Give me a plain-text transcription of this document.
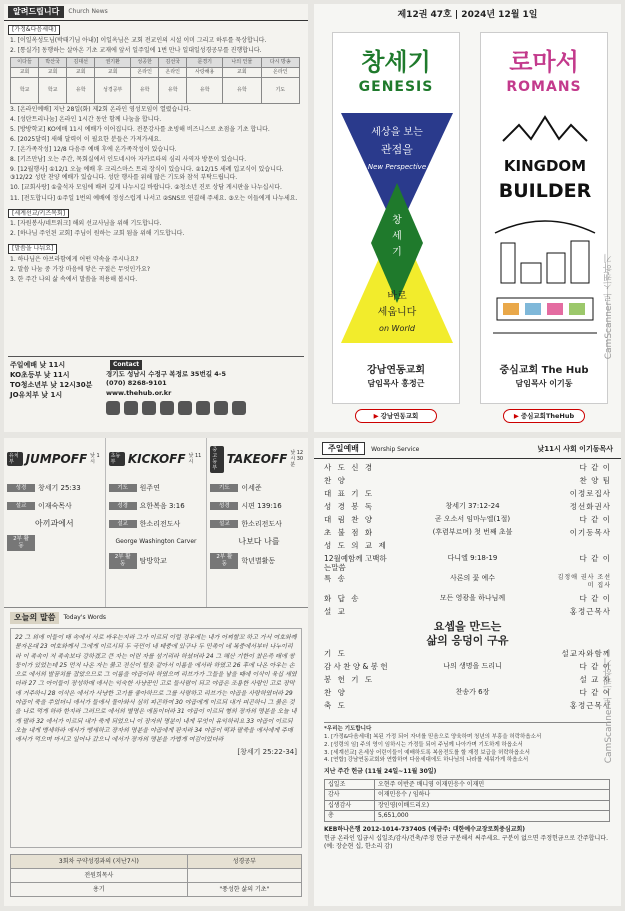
알려드립니다	Church News
[가정&다음세대]
1. [이일옥성도님(박태기님 아내)] 이일옥님은 교회 전교인의 시설 이미 그리고 하루를 묵상합니다.
2. [통실가] 동행하는 살아온 기초 교재에 앞서 일주일에 1번 만나 일대일성경공부를 진행합니다.
이다들	박산국	김대선	권기환	성공한	김선국	문경기	나의 인물	다시 방송
교회	교회	교회	교회	온라인	온라인	사랑해용	교회	온라인
학교	학교	유학	성경공부	유학	유학	유학	유학	기도
3. [온라인예배] 지난 28일(화) 제2회 온라인 영성모임이 열렸습니다.
4. [성탄트리나눔] 온라인 1시간 동안 함께 나눔을 합니다.
5. [방방학교] KO에배 11시 예배가 이어집니다. 전문강사를 초빙해 비즈니스로 초점을 기초 합니다.
6. [2025달력] 새해 달력이 이 필요한 분들은 가져가세요.
7. [온가족작성] 12/8 다음주 예배 후에 온가족작성이 있습니다.
8. [키즈만남] 오는 주간, 목회실에서 인도네시아 자카르타의 심리 사역자 방문이 있습니다.
9. [12월행사] ①12/1 오늘 예배 후 크리스마스 트리 장식이 있습니다. ②12/15 세례 입교식이 있습니다. ③12/22 성탄 찬양 예배가 있습니다. 성탄 행사를 위해 많은 기도와 참석 부탁드립니다.
10. [교회사랑] ①출석자 모임에 배려 깊게 나누시길 바랍니다. ②청소년 진로 상담 게시판을 나누십시다.
11. [전도합니다] ①주일 1번의 예배에 정성스럽게 나서고 ②SNS로 연결해 주세요. ③오는 이들에게 나누세요.
[세계선교/키즈목회]
1. [자원봉사/네트워크] 해외 선교사님을 위해 기도합니다.
2. [하나님 주인된 교회] 주님이 원하는 교회 됨을 위해 기도합니다.
[말씀을 나눠요]
1. 하나님은 아브라함에게 어떤 약속을 주시나요?
2. 말씀 나눔 중 가장 마음에 닿은 구절은 무엇인가요?
3. 한 주간 나의 삶 속에서 말씀을 적용해 봅시다.
주일예배 낮 11시
KO초등부 낮 11시
TO청소년부 낮 12시30분
JO유치부 낮 1시
Contact
경기도 성남시 수정구 복정로 35번길 4-5
(070) 8268-9101
www.thehub.or.kr
제12권 47호 | 2024년 12월 1일
창세기
GENESIS
세상을 보는
관점을
New Perspective
창
세
기
바로
세웁니다
on World
강남연동교회
담임목사 홍정근
▶ 강남연동교회
로마서
ROMANS
KINGDOM
BUILDER
중심교회 The Hub
담임목사 이기동
▶ 중심교회TheHub
CamScanner로 스캔하기
유치부 JUMPOFF 낮 1시
성경	창세기 25:33
설교	이재숙목사
아끼과에서
2부 활동
초등부	KICKOFF 낮 11시
기도	원주연
성경	요한복음 3:16
설교	한소리전도사
George Washington Carver
2부 활동	탐방학교
중고등부
TAKEOFF 낮 12시 30분
기도	이세준
성경	시편 139:16
설교	한소리전도사
나보다 나를
2부 활동	학년별활동
오늘의 말씀	Today's Words
22 그 외에 이들이 태 속에서 서로 싸우는지라 그가 이르되 이럴 경우에는 내가 어찌할꼬 하고 가서 여호와께 묻자온대 23 여호와께서 그에게 이르시되 두 국민이 네 태중에 있구나 두 민족이 네 복중에서부터 나누이리라 이 족속이 저 족속보다 강하겠고 큰 자는 어린 자를 섬기리라 하셨더라 24 그 해산 기한이 찼은즉 태에 쌍둥이가 있었는데 25 먼저 나온 자는 붉고 전신이 털옷 같아서 이름을 에서라 하였고 26 후에 나온 아우는 손으로 에서의 발꿈치를 잡았으므로 그 이름을 야곱이라 하였으며 리브가가 그들을 낳을 때에 이삭이 육십 세였더라 27 그 아이들이 장성하매 에서는 익숙한 사냥꾼인 고로 들사람이 되고 야곱은 조용한 사람인 고로 장막에 거주하니 28 이삭은 에서가 사냥한 고기를 좋아하므로 그를 사랑하고 리브가는 야곱을 사랑하였더라 29 야곱이 죽을 쑤었더니 에서가 들에서 돌아와서 심히 피곤하여 30 야곱에게 이르되 내가 피곤하니 그 붉은 것을 나로 먹게 하라 한지라 그러므로 에서의 별명은 에돔이더라 31 야곱이 이르되 형의 장자의 명분을 오늘 내게 팔라 32 에서가 이르되 내가 죽게 되었으니 이 장자의 명분이 내게 무엇이 유익하리요 33 야곱이 이르되 오늘 내게 맹세하라 에서가 맹세하고 장자의 명분을 야곱에게 판지라 34 야곱이 떡과 팥죽을 에서에게 주매 에서가 먹으며 마시고 일어나 갔으니 에서가 장자의 명분을 가볍게 여김이었더라
[창세기 25:22-34]
3회차 구약성경과의 (지난7시)	성경공부
전원희목사	
용기	"풍성한 삶의 기초"
주일예배 Worship Service	낮11시 사회 이기동목사
사 도 신 경	다 같 이
찬 양	찬 양 팀
대 표 기 도	이정로집사
성 경 봉 독	창세기 37:12-24	정선화권사
대 림 찬 양	곧 오소서 임마누엘(1절)	다 같 이
초 불 점 화	(후렴부르며) 첫 번째 초불	이기동목사
성 도 의 교 제
12월예함께 고백하는말씀
다니엘 9:18-19	다 같 이
특 송	사론의 꽃 예수	김정애 권사 조선미 집사
화 답 송	모든 영광을 하나님께	다 같 이
설 교	홍정근목사
요셉을 만드는
삶의 응덩이 구유
기 도	설교자와함께
감 사 찬 양 & 봉 헌	나의 생명을 드리니	다 같 이
봉 헌 기 도	설 교 자
찬 양	찬송가 6장	다 같 이
축 도	홍정근목사
*우리는 기도합니다
1. [가정&다음세대] 복된 가정 되어 자녀를 믿음으로 양육하며 청년의 부흥을 허락하옵소서
2. [성령의 임] 주의 영이 임하시는 가정들 되어 주님께 나아가며 기도하게 하옵소서
3. [세계선교] 온세상 어린이들이 예배하도록 복음전도를 할 재정 보급을 허락하옵소서
4. [연합] 강남연동교회와 연합하여 다음세대에도 하나님의 나라를 세워가게 하옵소서
지난 주간 헌금 (11월 24일~11월 30일)
십일조	오현주 이반준 배니영 이재민응수 이재민
감사	이재민응수 / 임하나
십생감사	장인영(이배드리오)
총	5,651,000
KEB하나은행 2012-1014-737405 (예금주: 대한예수교장로회중심교회)
헌금 온라인 입금시 십일조/감사/건축/주정 헌금 구분해서 써주세요. 구분이 없으면 주정헌금으로 간주합니다. (예: 장순현 십, 한소리 감)
CamScanner로 스캔하기
